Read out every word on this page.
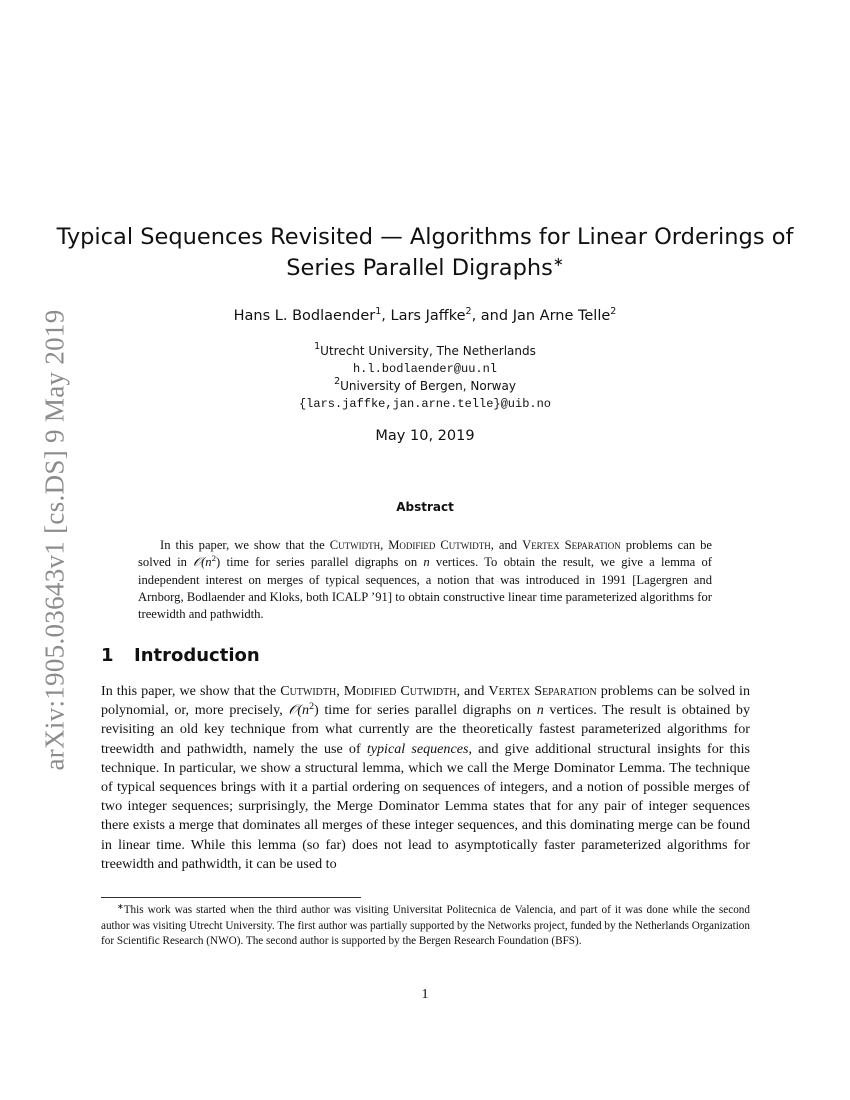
arXiv:1905.03643v1 [cs.DS] 9 May 2019
Typical Sequences Revisited — Algorithms for Linear Orderings of
Series Parallel Digraphs∗
Hans L. Bodlaender$^1$, Lars Jaffke$^2$, and Jan Arne Telle$^2$
$^1$Utrecht University, The Netherlands
h.l.bodlaender@uu.nl
$^2$University of Bergen, Norway
{lars.jaffke,jan.arne.telle}@uib.no
May 10, 2019
Abstract
In this paper, we show that the Cutwidth, Modified Cutwidth, and Vertex Separation problems can be solved in $𝒪(n^2)$ time for series parallel digraphs on n vertices. To obtain the result, we give a lemma of independent interest on merges of typical sequences, a notion that was introduced in 1991 [Lagergren and Arnborg, Bodlaender and Kloks, both ICALP ’91] to obtain constructive linear time parameterized algorithms for treewidth and pathwidth.
1 Introduction
In this paper, we show that the Cutwidth, Modified Cutwidth, and Vertex Separation problems can be solved in polynomial, or, more precisely, $𝒪(n^2)$ time for series parallel digraphs on n vertices. The result is obtained by revisiting an old key technique from what currently are the theoretically fastest parameterized algorithms for treewidth and pathwidth, namely the use of typical sequences, and give additional structural insights for this technique. In particular, we show a structural lemma, which we call the Merge Dominator Lemma. The technique of typical sequences brings with it a partial ordering on sequences of integers, and a notion of possible merges of two integer sequences; surprisingly, the Merge Dominator Lemma states that for any pair of integer sequences there exists a merge that dominates all merges of these integer sequences, and this dominating merge can be found in linear time. While this lemma (so far) does not lead to asymptotically faster parameterized algorithms for treewidth and pathwidth, it can be used to
∗This work was started when the third author was visiting Universitat Politecnica de Valencia, and part of it was done while the second author was visiting Utrecht University. The first author was partially supported by the Networks project, funded by the Netherlands Organization for Scientific Research (NWO). The second author is supported by the Bergen Research Foundation (BFS).
1
